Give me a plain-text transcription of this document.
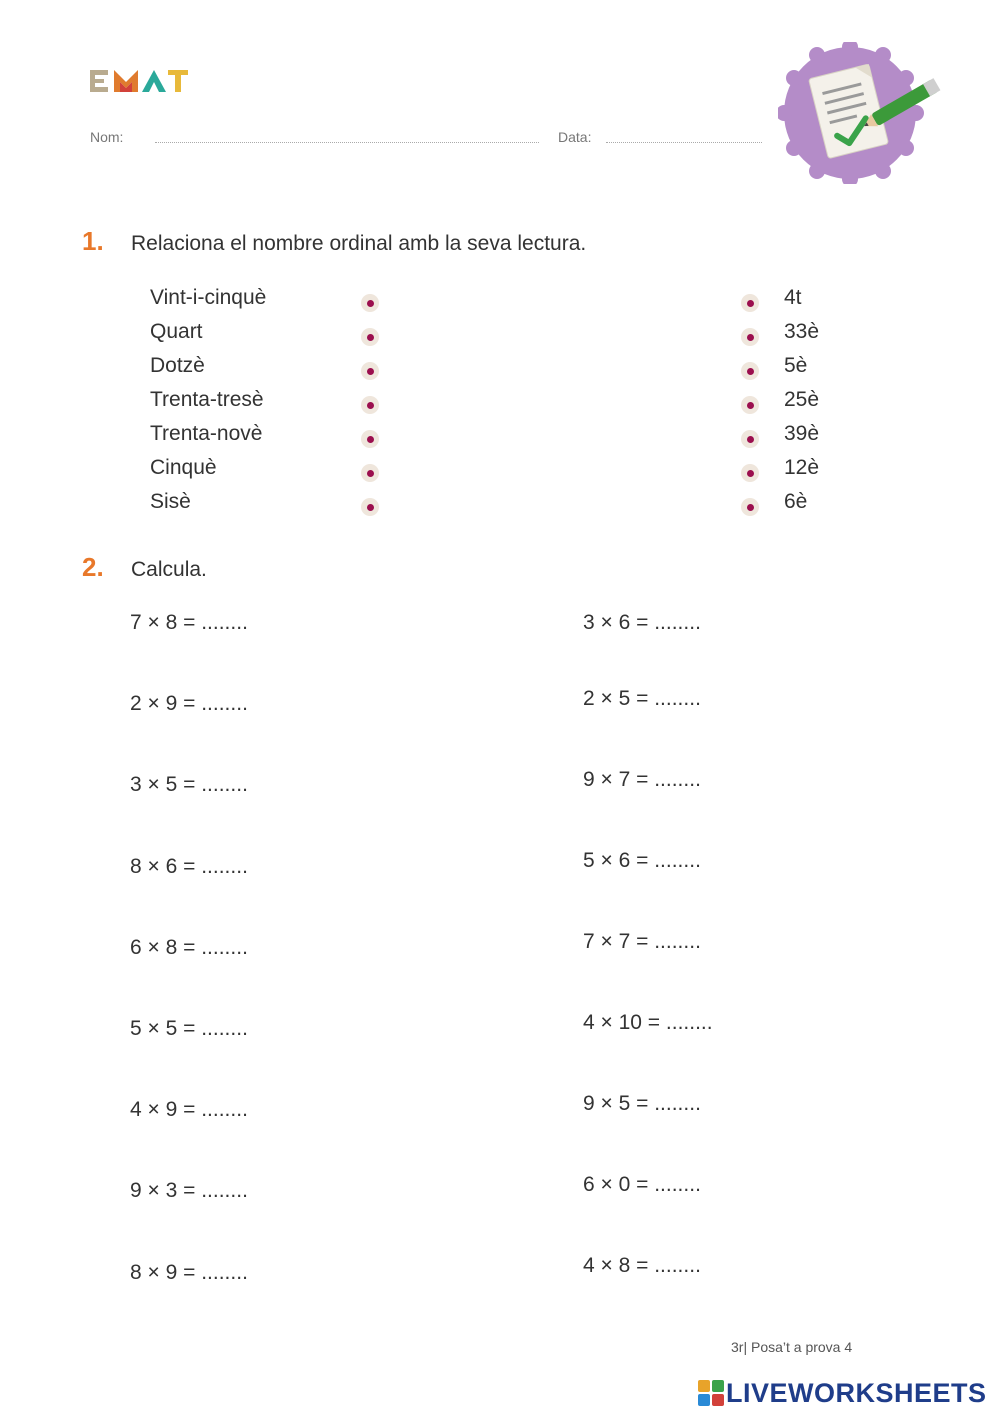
Nom:	Data:
1. Relaciona el nombre ordinal amb la seva lectura.
Vint-i-cinquè
Quart
Dotzè
Trenta-tresè
Trenta-novè
Cinquè
Sisè
4t
33è
5è
25è
39è
12è
6è
2. Calcula.
7 × 8 = ........
2 × 9 = ........
3 × 5 = ........
8 × 6 = ........
6 × 8 = ........
5 × 5 = ........
4 × 9 = ........
9 × 3 = ........
8 × 9 = ........
3 × 6 = ........
2 × 5 = ........
9 × 7 = ........
5 × 6 = ........
7 × 7 = ........
4 × 10 = ........
9 × 5 = ........
6 × 0 = ........
4 × 8 = ........
3r| Posa’t a prova 4
LIVEWORKSHEETS
